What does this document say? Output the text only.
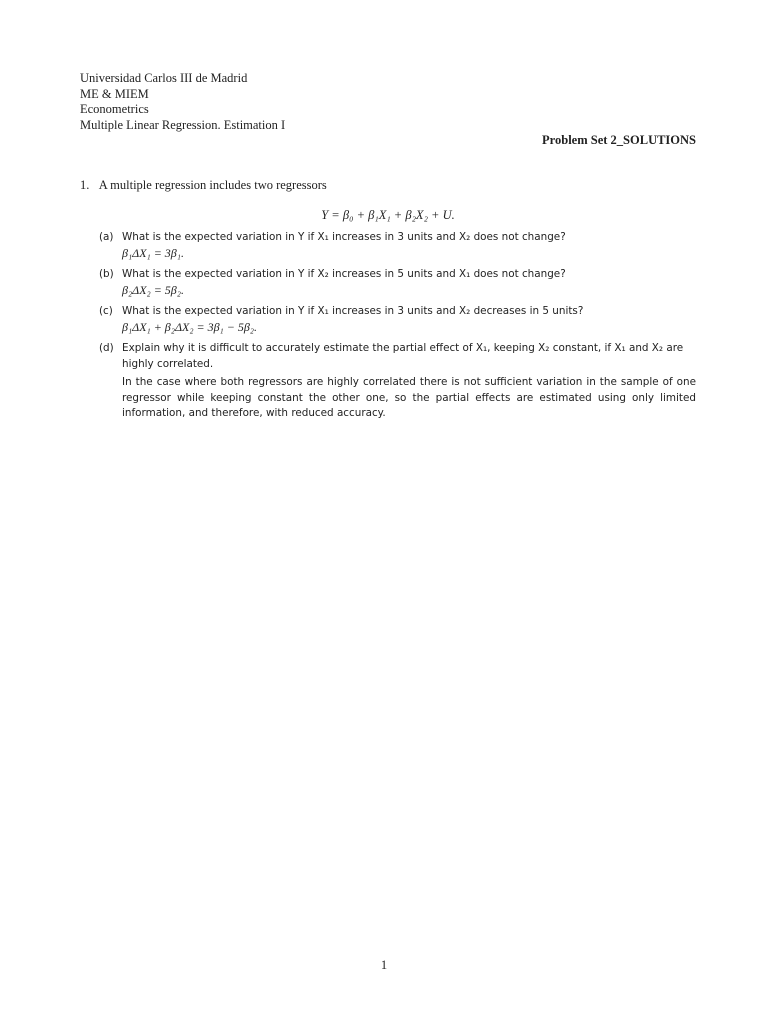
Universidad Carlos III de Madrid
ME & MIEM
Econometrics
Multiple Linear Regression. Estimation I
Problem Set 2_SOLUTIONS
1. A multiple regression includes two regressors
Y = β₀ + β₁X₁ + β₂X₂ + U.
(a) What is the expected variation in Y if X₁ increases in 3 units and X₂ does not change?
β₁ΔX₁ = 3β₁.
(b) What is the expected variation in Y if X₂ increases in 5 units and X₁ does not change?
β₂ΔX₂ = 5β₂.
(c) What is the expected variation in Y if X₁ increases in 3 units and X₂ decreases in 5 units?
β₁ΔX₁ + β₂ΔX₂ = 3β₁ − 5β₂.
(d) Explain why it is difficult to accurately estimate the partial effect of X₁, keeping X₂ constant, if X₁ and X₂ are highly correlated.
In the case where both regressors are highly correlated there is not sufficient variation in the sample of one regressor while keeping constant the other one, so the partial effects are estimated using only limited information, and therefore, with reduced accuracy.
1
